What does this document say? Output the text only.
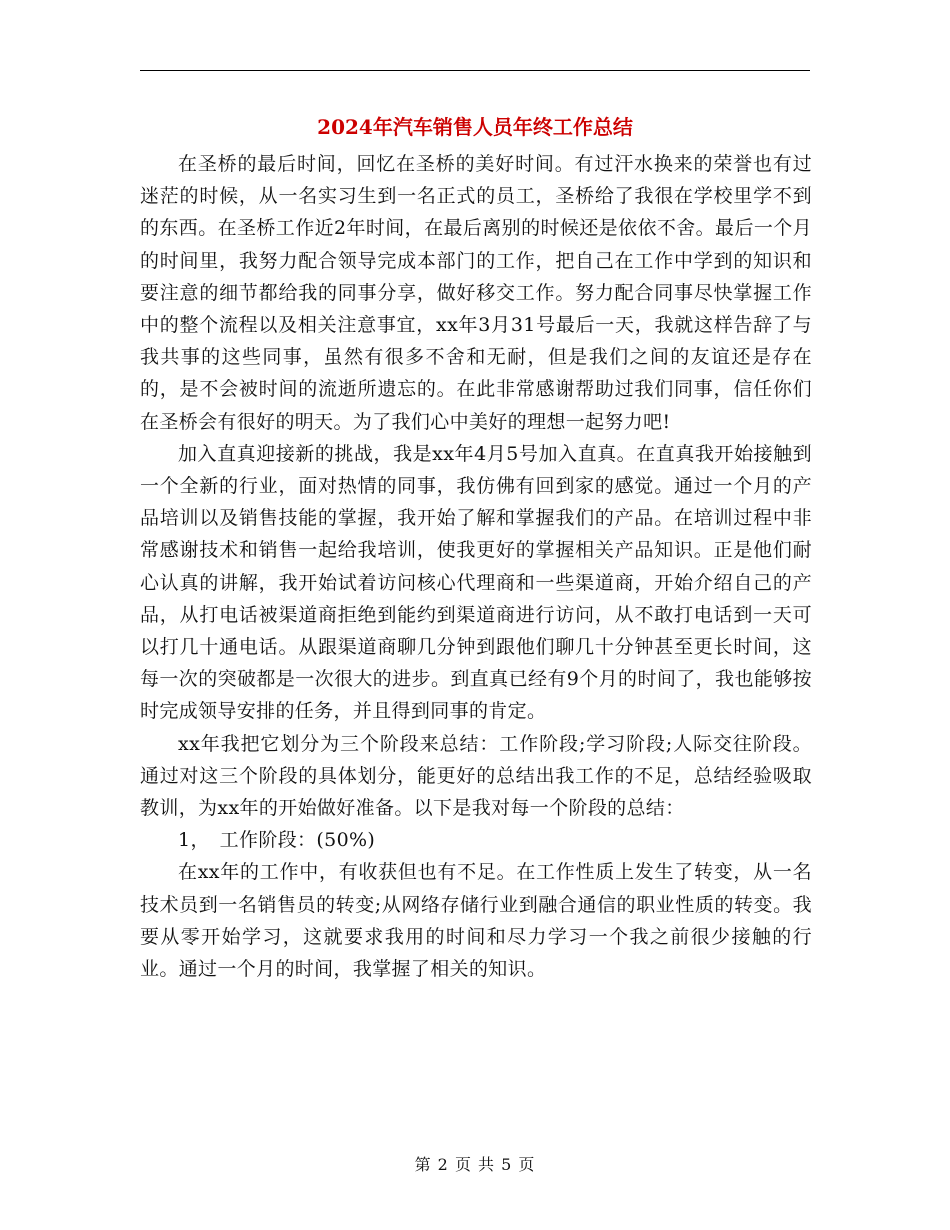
2024年汽车销售人员年终工作总结

在圣桥的最后时间，回忆在圣桥的美好时间。有过汗水换来的荣誉也有过迷茫的时候，从一名实习生到一名正式的员工，圣桥给了我很在学校里学不到的东西。在圣桥工作近2年时间，在最后离别的时候还是依依不舍。最后一个月的时间里，我努力配合领导完成本部门的工作，把自己在工作中学到的知识和要注意的细节都给我的同事分享，做好移交工作。努力配合同事尽快掌握工作中的整个流程以及相关注意事宜，xx年3月31号最后一天，我就这样告辞了与我共事的这些同事，虽然有很多不舍和无耐，但是我们之间的友谊还是存在的，是不会被时间的流逝所遗忘的。在此非常感谢帮助过我们同事，信任你们在圣桥会有很好的明天。为了我们心中美好的理想一起努力吧!

加入直真迎接新的挑战，我是xx年4月5号加入直真。在直真我开始接触到一个全新的行业，面对热情的同事，我仿佛有回到家的感觉。通过一个月的产品培训以及销售技能的掌握，我开始了解和掌握我们的产品。在培训过程中非常感谢技术和销售一起给我培训，使我更好的掌握相关产品知识。正是他们耐心认真的讲解，我开始试着访问核心代理商和一些渠道商，开始介绍自己的产品，从打电话被渠道商拒绝到能约到渠道商进行访问，从不敢打电话到一天可以打几十通电话。从跟渠道商聊几分钟到跟他们聊几十分钟甚至更长时间，这每一次的突破都是一次很大的进步。到直真已经有9个月的时间了，我也能够按时完成领导安排的任务，并且得到同事的肯定。

xx年我把它划分为三个阶段来总结：工作阶段;学习阶段;人际交往阶段。通过对这三个阶段的具体划分，能更好的总结出我工作的不足，总结经验吸取教训，为xx年的开始做好准备。以下是我对每一个阶段的总结：

1，　工作阶段：(50%)

在xx年的工作中，有收获但也有不足。在工作性质上发生了转变，从一名技术员到一名销售员的转变;从网络存储行业到融合通信的职业性质的转变。我要从零开始学习，这就要求我用的时间和尽力学习一个我之前很少接触的行业。通过一个月的时间，我掌握了相关的知识。

第 2 页 共 5 页
